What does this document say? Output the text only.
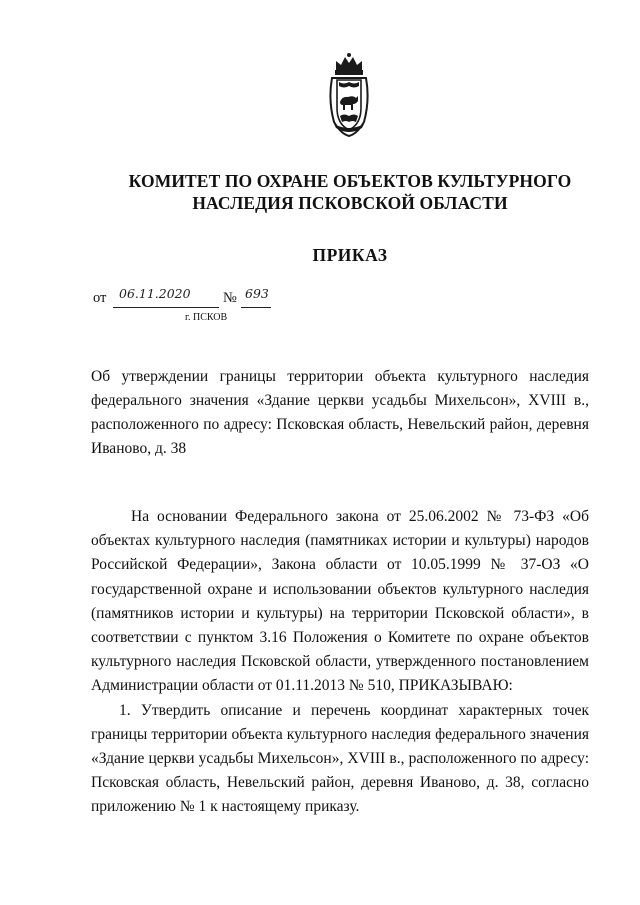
КОМИТЕТ ПО ОХРАНЕ ОБЪЕКТОВ КУЛЬТУРНОГО
НАСЛЕДИЯ ПСКОВСКОЙ ОБЛАСТИ
ПРИКАЗ
от 06.11.2020 № 693
г. ПСКОВ
Об утверждении границы территории объекта культурного наследия федерального значения «Здание церкви усадьбы Михельсон», XVIII в., расположенного по адресу: Псковская область, Невельский район, деревня Иваново, д. 38

На основании Федерального закона от 25.06.2002 № 73-ФЗ «Об объектах культурного наследия (памятниках истории и культуры) народов Российской Федерации», Закона области от 10.05.1999 № 37-ОЗ «О государственной охране и использовании объектов культурного наследия (памятников истории и культуры) на территории Псковской области», в соответствии с пунктом 3.16 Положения о Комитете по охране объектов культурного наследия Псковской области, утвержденного постановлением Администрации области от 01.11.2013 № 510, ПРИКАЗЫВАЮ:

1. Утвердить описание и перечень координат характерных точек границы территории объекта культурного наследия федерального значения «Здание церкви усадьбы Михельсон», XVIII в., расположенного по адресу: Псковская область, Невельский район, деревня Иваново, д. 38, согласно приложению № 1 к настоящему приказу.
